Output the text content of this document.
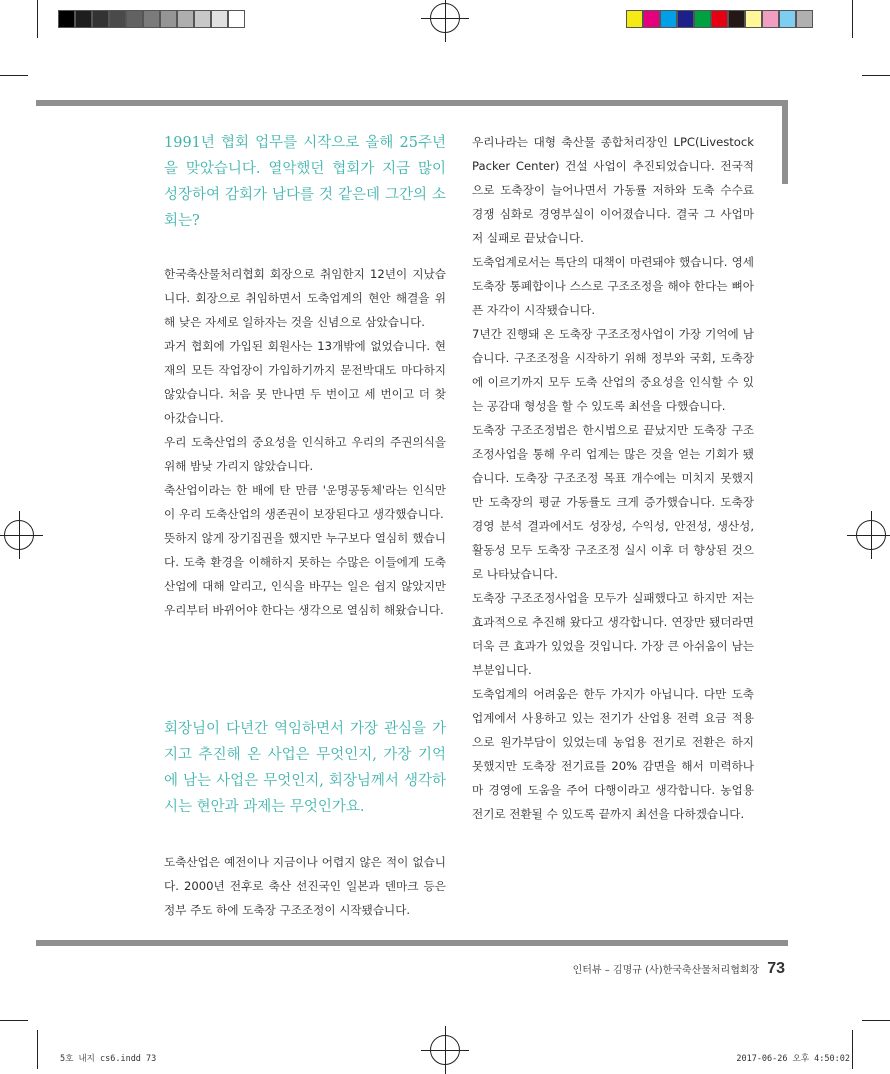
1991년 협회 업무를 시작으로 올해 25주년을 맞았습니다. 열악했던 협회가 지금 많이 성장하여 감회가 남다를 것 같은데 그간의 소회는?

한국축산물처리협회 회장으로 취임한지 12년이 지났습니다. 회장으로 취임하면서 도축업계의 현안 해결을 위해 낮은 자세로 일하자는 것을 신념으로 삼았습니다.

과거 협회에 가입된 회원사는 13개밖에 없었습니다. 현재의 모든 작업장이 가입하기까지 문전박대도 마다하지 않았습니다. 처음 못 만나면 두 번이고 세 번이고 더 찾아갔습니다.

우리 도축산업의 중요성을 인식하고 우리의 주권의식을 위해 밤낮 가리지 않았습니다.

축산업이라는 한 배에 탄 만큼 '운명공동체'라는 인식만이 우리 도축산업의 생존권이 보장된다고 생각했습니다.

뜻하지 않게 장기집권을 했지만 누구보다 열심히 했습니다. 도축 환경을 이해하지 못하는 수많은 이들에게 도축산업에 대해 알리고, 인식을 바꾸는 일은 쉽지 않았지만 우리부터 바뀌어야 한다는 생각으로 열심히 해왔습니다.

회장님이 다년간 역임하면서 가장 관심을 가지고 추진해 온 사업은 무엇인지, 가장 기억에 남는 사업은 무엇인지, 회장님께서 생각하시는 현안과 과제는 무엇인가요.

도축산업은 예전이나 지금이나 어렵지 않은 적이 없습니다. 2000년 전후로 축산 선진국인 일본과 덴마크 등은 정부 주도 하에 도축장 구조조정이 시작됐습니다.

우리나라는 대형 축산물 종합처리장인 LPC(Livestock Packer Center) 건설 사업이 추진되었습니다. 전국적으로 도축장이 늘어나면서 가동률 저하와 도축 수수료 경쟁 심화로 경영부실이 이어졌습니다. 결국 그 사업마저 실패로 끝났습니다.

도축업계로서는 특단의 대책이 마련돼야 했습니다. 영세 도축장 통폐합이나 스스로 구조조정을 해야 한다는 뼈아픈 자각이 시작됐습니다.

7년간 진행돼 온 도축장 구조조정사업이 가장 기억에 남습니다. 구조조정을 시작하기 위해 정부와 국회, 도축장에 이르기까지 모두 도축 산업의 중요성을 인식할 수 있는 공감대 형성을 할 수 있도록 최선을 다했습니다.

도축장 구조조정법은 한시법으로 끝났지만 도축장 구조조정사업을 통해 우리 업계는 많은 것을 얻는 기회가 됐습니다. 도축장 구조조정 목표 개수에는 미치지 못했지만 도축장의 평균 가동률도 크게 증가했습니다. 도축장 경영 분석 결과에서도 성장성, 수익성, 안전성, 생산성, 활동성 모두 도축장 구조조정 실시 이후 더 향상된 것으로 나타났습니다.

도축장 구조조정사업을 모두가 실패했다고 하지만 저는 효과적으로 추진해 왔다고 생각합니다. 연장만 됐더라면 더욱 큰 효과가 있었을 것입니다. 가장 큰 아쉬움이 남는 부분입니다.

도축업계의 어려움은 한두 가지가 아닙니다. 다만 도축업계에서 사용하고 있는 전기가 산업용 전력 요금 적용으로 원가부담이 있었는데 농업용 전기로 전환은 하지 못했지만 도축장 전기료를 20% 감면을 해서 미력하나마 경영에 도움을 주어 다행이라고 생각합니다. 농업용 전기로 전환될 수 있도록 끝까지 최선을 다하겠습니다.

인터뷰 – 김명규 (사)한국축산물처리협회장 73
5호 내지 cs6.indd 73	2017-06-26 오후 4:50:02
